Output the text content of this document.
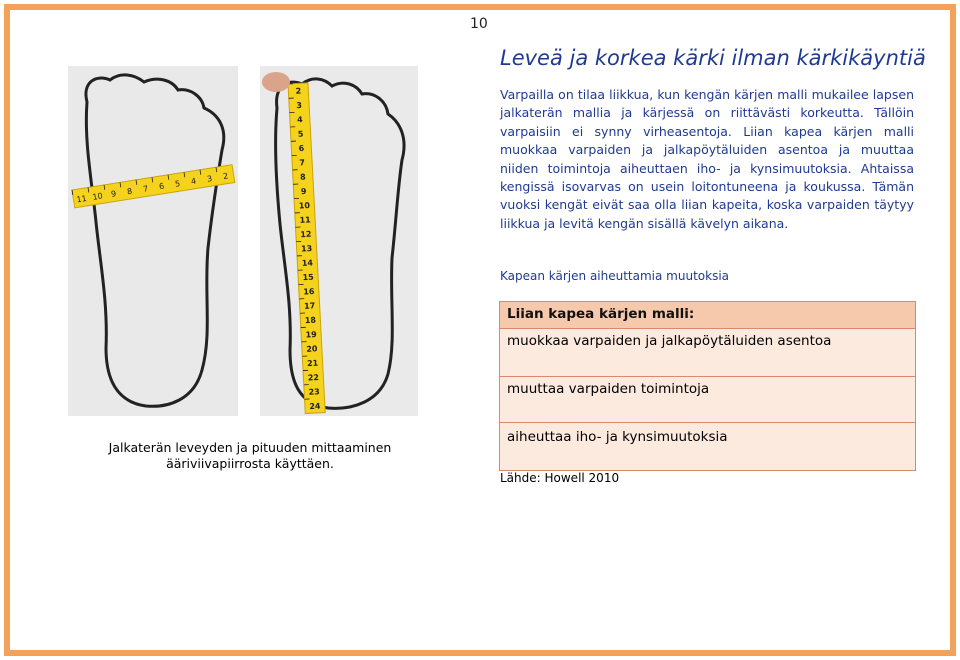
10
Leveä ja korkea kärki ilman kärkikäyntiä
Varpailla on tilaa liikkua, kun kengän kärjen malli mukailee lapsen jalkaterän mallia ja kärjessä on riittävästi korkeutta. Tällöin varpaisiin ei synny virheasentoja. Liian kapea kärjen malli muokkaa varpaiden ja jalkapöytäluiden asentoa ja muuttaa niiden toimintoja aiheuttaen iho- ja kynsimuutoksia. Ahtaissa kengissä isovarvas on usein loitontuneena ja koukussa. Tämän vuoksi kengät eivät saa olla liian kapeita, koska varpaiden täytyy liikkua ja levitä kengän sisällä kävelyn aikana.
Kapean kärjen aiheuttamia muutoksia
Liian kapea kärjen malli:
muokkaa varpaiden ja jalkapöytäluiden asentoa
muuttaa varpaiden toimintoja
aiheuttaa iho- ja kynsimuutoksia
Lähde: Howell 2010
11 10 9 8 7 6 5 4 3 2
2
3
4
5
6
7
8
9
10
11
12
13
14
15
16
17
18
19
20
21
22
23
24
Jalkaterän leveyden ja pituuden mittaaminen ääriviivapiirrosta käyttäen.
